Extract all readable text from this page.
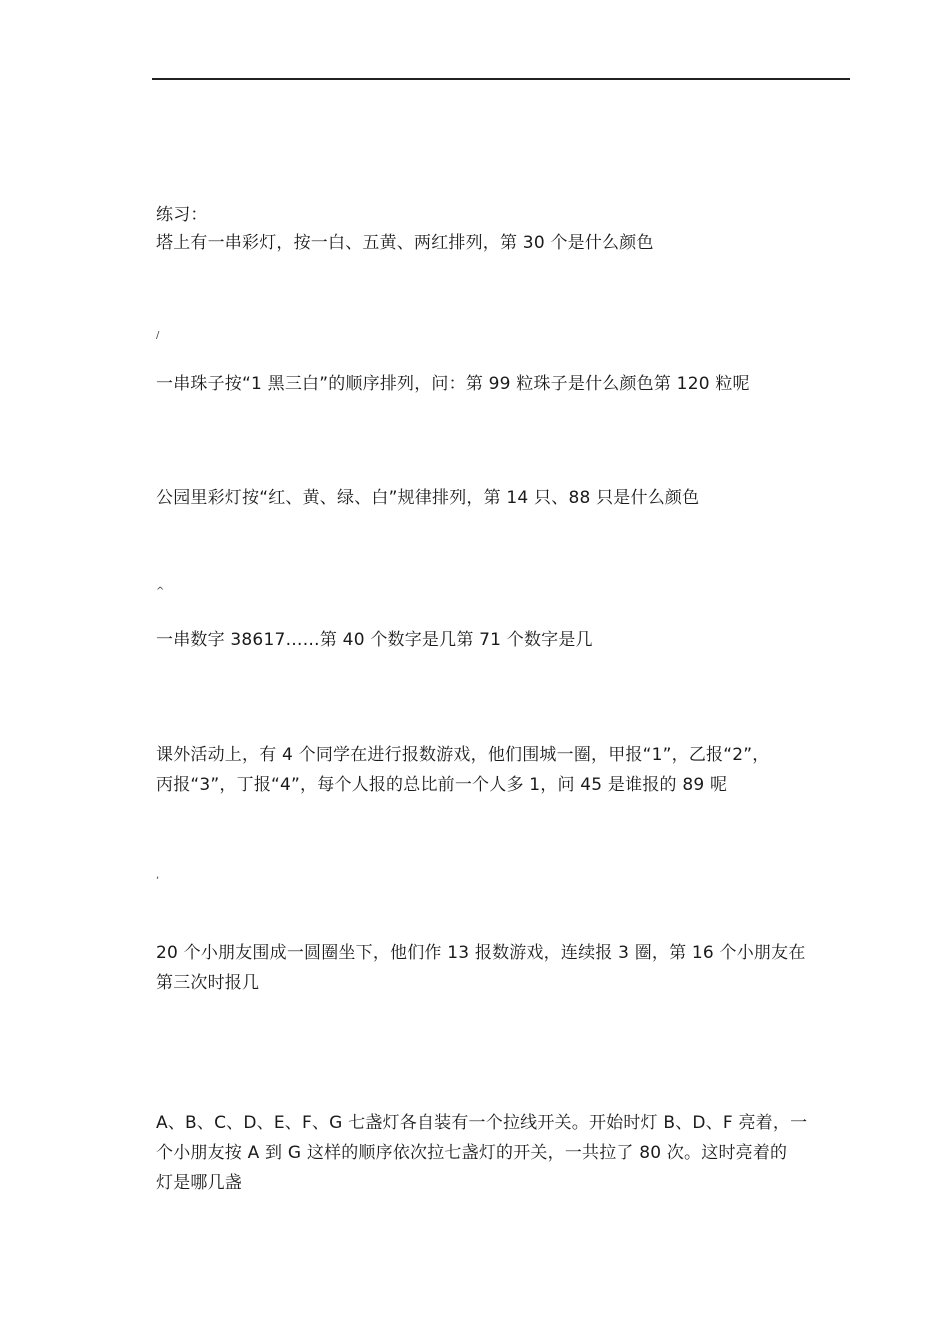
练习：
塔上有一串彩灯，按一白、五黄、两红排列，第 30 个是什么颜色
/
一串珠子按“1 黑三白”的顺序排列，问：第 99 粒珠子是什么颜色第 120 粒呢
公园里彩灯按“红、黄、绿、白”规律排列，第 14 只、88 只是什么颜色
^
一串数字 38617……第 40 个数字是几第 71 个数字是几
课外活动上，有 4 个同学在进行报数游戏，他们围城一圈，甲报“1”，乙报“2”，
丙报“3”，丁报“4”，每个人报的总比前一个人多 1，问 45 是谁报的 89 呢
,
20 个小朋友围成一圆圈坐下，他们作 13 报数游戏，连续报 3 圈，第 16 个小朋友在
第三次时报几
A、B、C、D、E、F、G 七盏灯各自装有一个拉线开关。开始时灯 B、D、F 亮着，一
个小朋友按 A 到 G 这样的顺序依次拉七盏灯的开关，一共拉了 80 次。这时亮着的
灯是哪几盏
